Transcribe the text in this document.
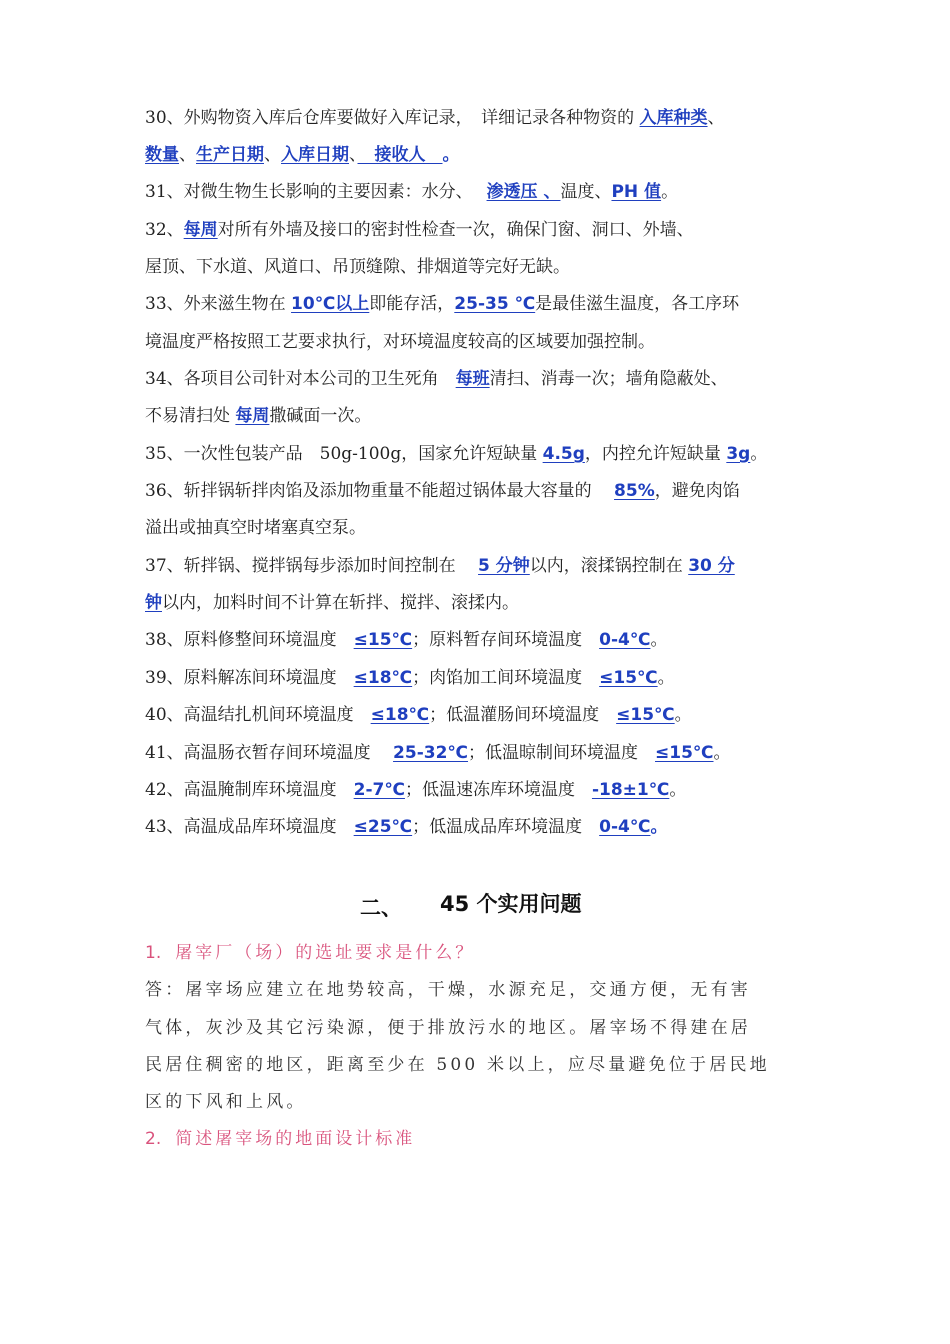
30、外购物资入库后仓库要做好入库记录，　详细记录各种物资的 入库种类、
数量、生产日期、入库日期、　接收人　。
31、对微生物生长影响的主要因素：水分、　 渗透压 、温度、PH 值。
32、每周对所有外墙及接口的密封性检查一次，确保门窗、洞口、外墙、
屋顶、下水道、风道口、吊顶缝隙、排烟道等完好无缺。
33、外来滋生物在 10℃以上即能存活，25-35 ℃是最佳滋生温度，各工序环
境温度严格按照工艺要求执行，对环境温度较高的区域要加强控制。
34、各项目公司针对本公司的卫生死角　每班清扫、消毒一次；墙角隐蔽处、
不易清扫处 每周撒碱面一次。
35、一次性包装产品　50g-100g，国家允许短缺量 4.5g，内控允许短缺量 3g。
36、斩拌锅斩拌肉馅及添加物重量不能超过锅体最大容量的　 85%，避免肉馅
溢出或抽真空时堵塞真空泵。
37、斩拌锅、搅拌锅每步添加时间控制在　 5 分钟以内，滚揉锅控制在 30 分
钟以内，加料时间不计算在斩拌、搅拌、滚揉内。
38、原料修整间环境温度　≤15℃；原料暂存间环境温度　0-4℃。
39、原料解冻间环境温度　≤18℃；肉馅加工间环境温度　≤15℃。
40、高温结扎机间环境温度　≤18℃；低温灌肠间环境温度　≤15℃。
41、高温肠衣暂存间环境温度　 25-32℃；低温晾制间环境温度　≤15℃。
42、高温腌制库环境温度　2-7℃；低温速冻库环境温度　-18±1℃。
43、高温成品库环境温度　≤25℃；低温成品库环境温度　0-4℃。
二、 45 个实用问题
1. 屠宰厂（场）的选址要求是什么？
答：屠宰场应建立在地势较高，干燥，水源充足，交通方便，无有害
气体，灰沙及其它污染源，便于排放污水的地区。屠宰场不得建在居
民居住稠密的地区，距离至少在 500 米以上，应尽量避免位于居民地
区的下风和上风。
2. 简述屠宰场的地面设计标准
